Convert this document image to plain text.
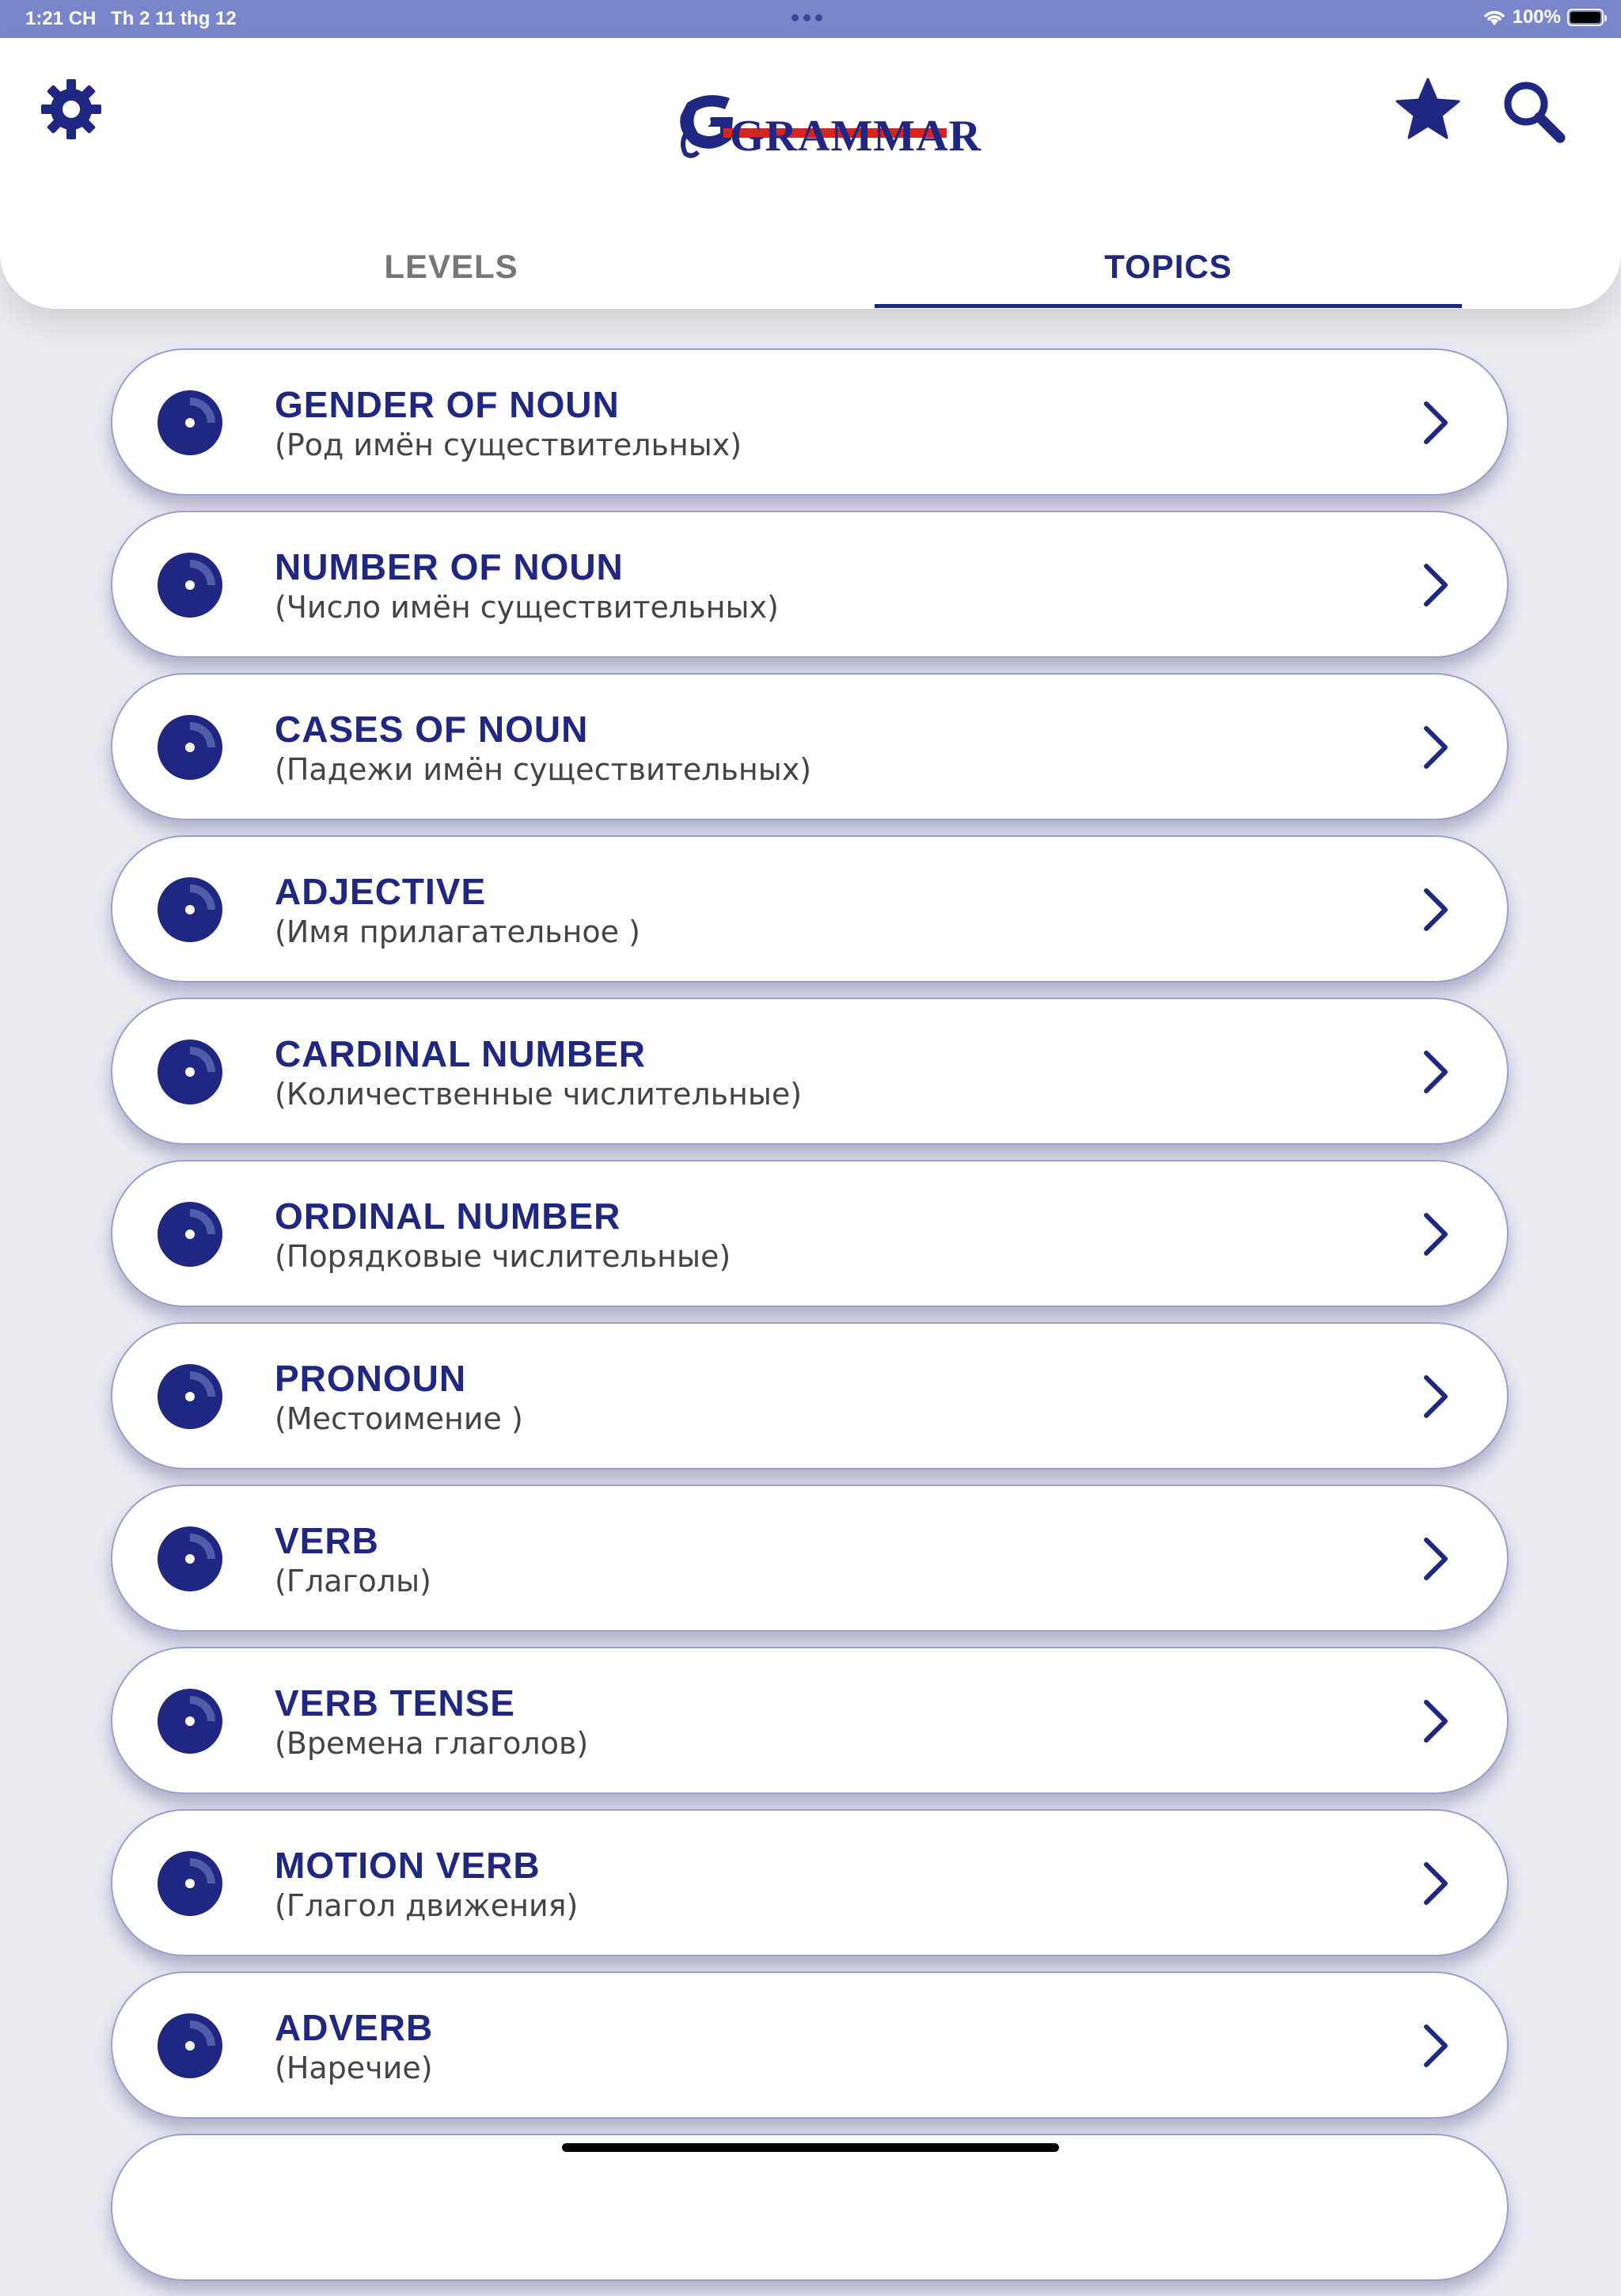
1:21 CH Th 2 11 thg 12	100%
GRAMMAR
LEVELS	TOPICS
GENDER OF NOUN
(Род имён существительных)
NUMBER OF NOUN
(Число имён существительных)
CASES OF NOUN
(Падежи имён существительных)
ADJECTIVE
(Имя прилагательное )
CARDINAL NUMBER
(Количественные числительные)
ORDINAL NUMBER
(Порядковые числительные)
PRONOUN
(Местоимение )
VERB
(Глаголы)
VERB TENSE
(Времена глаголов)
MOTION VERB
(Глагол движения)
ADVERB
(Наречие)
